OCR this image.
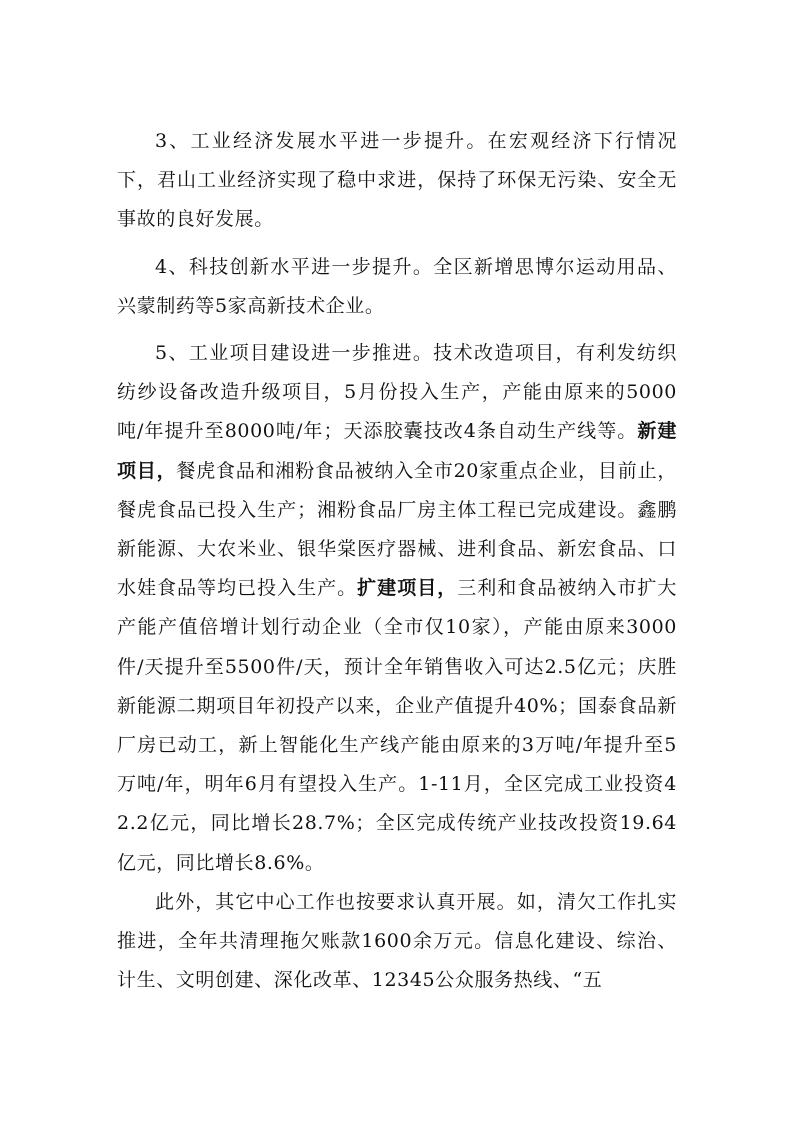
3、工业经济发展水平进一步提升。在宏观经济下行情况下，君山工业经济实现了稳中求进，保持了环保无污染、安全无事故的良好发展。

4、科技创新水平进一步提升。全区新增思博尔运动用品、兴蒙制药等5家高新技术企业。

5、工业项目建设进一步推进。技术改造项目，有利发纺织纺纱设备改造升级项目，5月份投入生产，产能由原来的5000吨/年提升至8000吨/年；天添胶囊技改4条自动生产线等。新建项目，餐虎食品和湘粉食品被纳入全市20家重点企业，目前止，餐虎食品已投入生产；湘粉食品厂房主体工程已完成建设。鑫鹏新能源、大农米业、银华棠医疗器械、进利食品、新宏食品、口水娃食品等均已投入生产。扩建项目，三利和食品被纳入市扩大产能产值倍增计划行动企业（全市仅10家），产能由原来3000件/天提升至5500件/天，预计全年销售收入可达2.5亿元；庆胜新能源二期项目年初投产以来，企业产值提升40%；国泰食品新厂房已动工，新上智能化生产线产能由原来的3万吨/年提升至5万吨/年，明年6月有望投入生产。1-11月，全区完成工业投资42.2亿元，同比增长28.7%；全区完成传统产业技改投资19.64亿元，同比增长8.6%。

此外，其它中心工作也按要求认真开展。如，清欠工作扎实推进，全年共清理拖欠账款1600余万元。信息化建设、综治、计生、文明创建、深化改革、12345公众服务热线、“五
